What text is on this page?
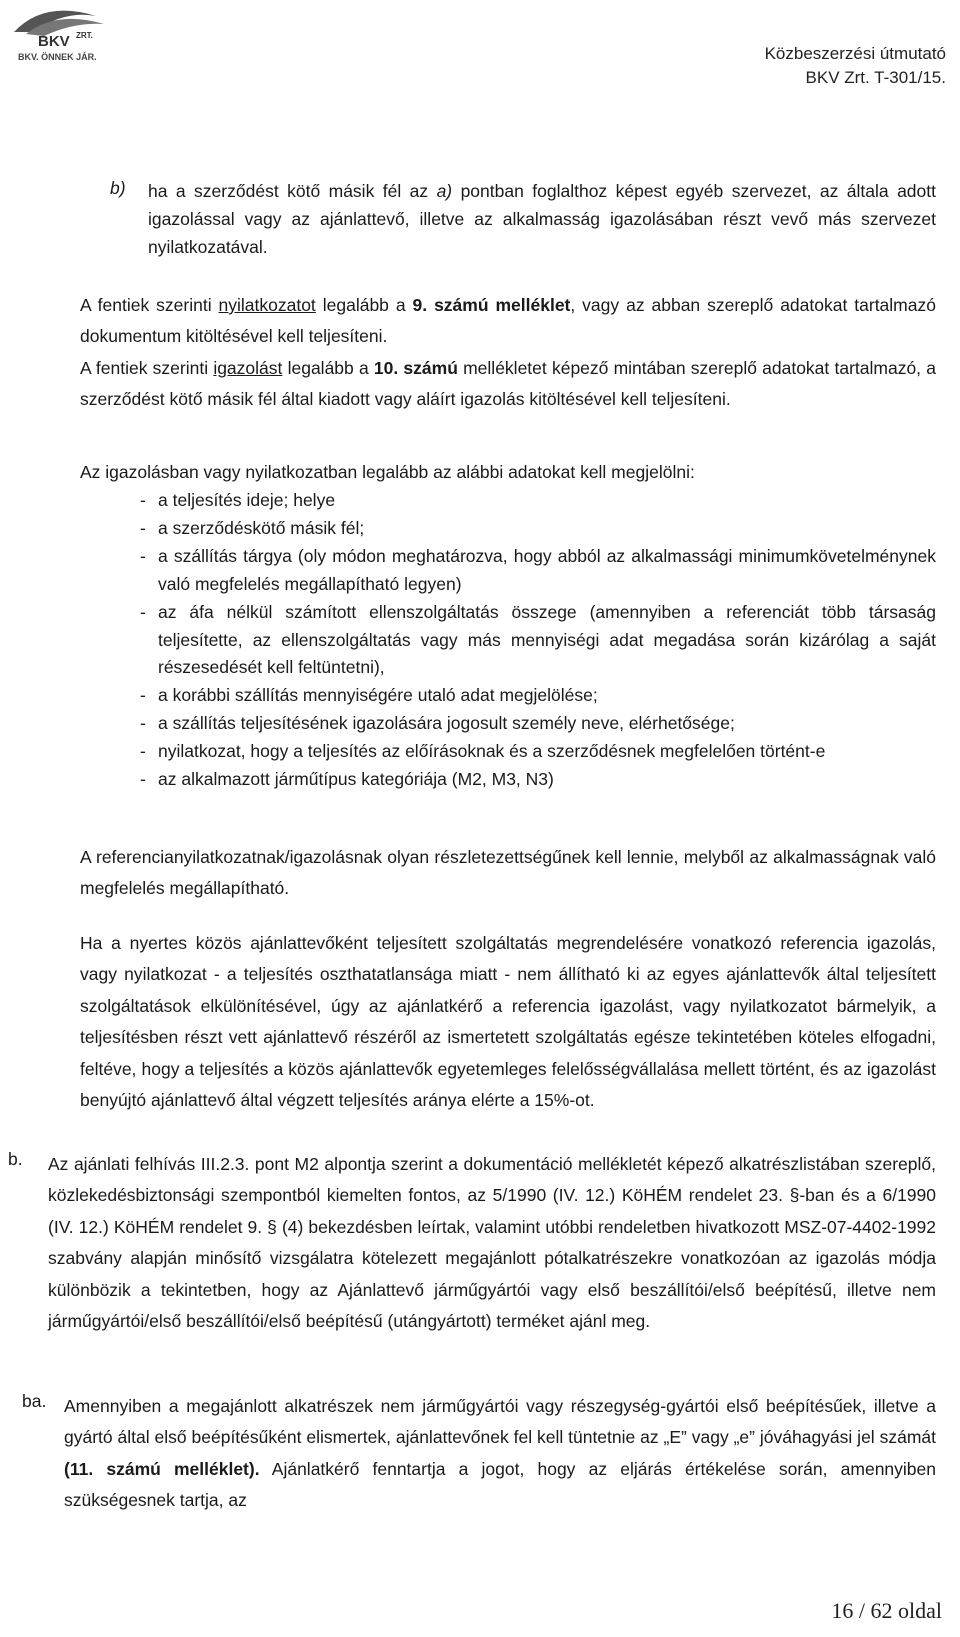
BKV ZRT.
BKV. ÖNNEK JÁR.	Közbeszerzési útmutató
BKV Zrt. T-301/15.
b)	ha a szerződést kötő másik fél az a) pontban foglalthoz képest egyéb szervezet, az általa adott igazolással vagy az ajánlattevő, illetve az alkalmasság igazolásában részt vevő más szervezet nyilatkozatával.

A fentiek szerinti nyilatkozatot legalább a 9. számú melléklet, vagy az abban szereplő adatokat tartalmazó dokumentum kitöltésével kell teljesíteni.

A fentiek szerinti igazolást legalább a 10. számú mellékletet képező mintában szereplő adatokat tartalmazó, a szerződést kötő másik fél által kiadott vagy aláírt igazolás kitöltésével kell teljesíteni.

Az igazolásban vagy nyilatkozatban legalább az alábbi adatokat kell megjelölni:

- a teljesítés ideje; helye
- a szerződéskötő másik fél;
- a szállítás tárgya (oly módon meghatározva, hogy abból az alkalmassági minimumkövetelménynek való megfelelés megállapítható legyen)
- az áfa nélkül számított ellenszolgáltatás összege (amennyiben a referenciát több társaság teljesítette, az ellenszolgáltatás vagy más mennyiségi adat megadása során kizárólag a saját részesedését kell feltüntetni),
- a korábbi szállítás mennyiségére utaló adat megjelölése;
- a szállítás teljesítésének igazolására jogosult személy neve, elérhetősége;
- nyilatkozat, hogy a teljesítés az előírásoknak és a szerződésnek megfelelően történt-e
- az alkalmazott járműtípus kategóriája (M2, M3, N3)

A referencianyilatkozatnak/igazolásnak olyan részletezettségűnek kell lennie, melyből az alkalmasságnak való megfelelés megállapítható.

Ha a nyertes közös ajánlattevőként teljesített szolgáltatás megrendelésére vonatkozó referencia igazolás, vagy nyilatkozat - a teljesítés oszthatatlansága miatt - nem állítható ki az egyes ajánlattevők által teljesített szolgáltatások elkülönítésével, úgy az ajánlatkérő a referencia igazolást, vagy nyilatkozatot bármelyik, a teljesítésben részt vett ajánlattevő részéről az ismertetett szolgáltatás egésze tekintetében köteles elfogadni, feltéve, hogy a teljesítés a közös ajánlattevők egyetemleges felelősségvállalása mellett történt, és az igazolást benyújtó ajánlattevő által végzett teljesítés aránya elérte a 15%-ot.

b.	Az ajánlati felhívás III.2.3. pont M2 alpontja szerint a dokumentáció mellékletét képező alkatrészlistában szereplő, közlekedésbiztonsági szempontból kiemelten fontos, az 5/1990 (IV. 12.) KöHÉM rendelet 23. §-ban és a 6/1990 (IV. 12.) KöHÉM rendelet 9. § (4) bekezdésben leírtak, valamint utóbbi rendeletben hivatkozott MSZ-07-4402-1992 szabvány alapján minősítő vizsgálatra kötelezett megajánlott pótalkatrészekre vonatkozóan az igazolás módja különbözik a tekintetben, hogy az Ajánlattevő járműgyártói vagy első beszállítói/első beépítésű, illetve nem járműgyártói/első beszállítói/első beépítésű (utángyártott) terméket ajánl meg.

ba.	Amennyiben a megajánlott alkatrészek nem járműgyártói vagy részegység-gyártói első beépítésűek, illetve a gyártó által első beépítésűként elismertek, ajánlattevőnek fel kell tüntetnie az „E” vagy „e” jóváhagyási jel számát (11. számú melléklet). Ajánlatkérő fenntartja a jogot, hogy az eljárás értékelése során, amennyiben szükségesnek tartja, az

16 / 62 oldal
